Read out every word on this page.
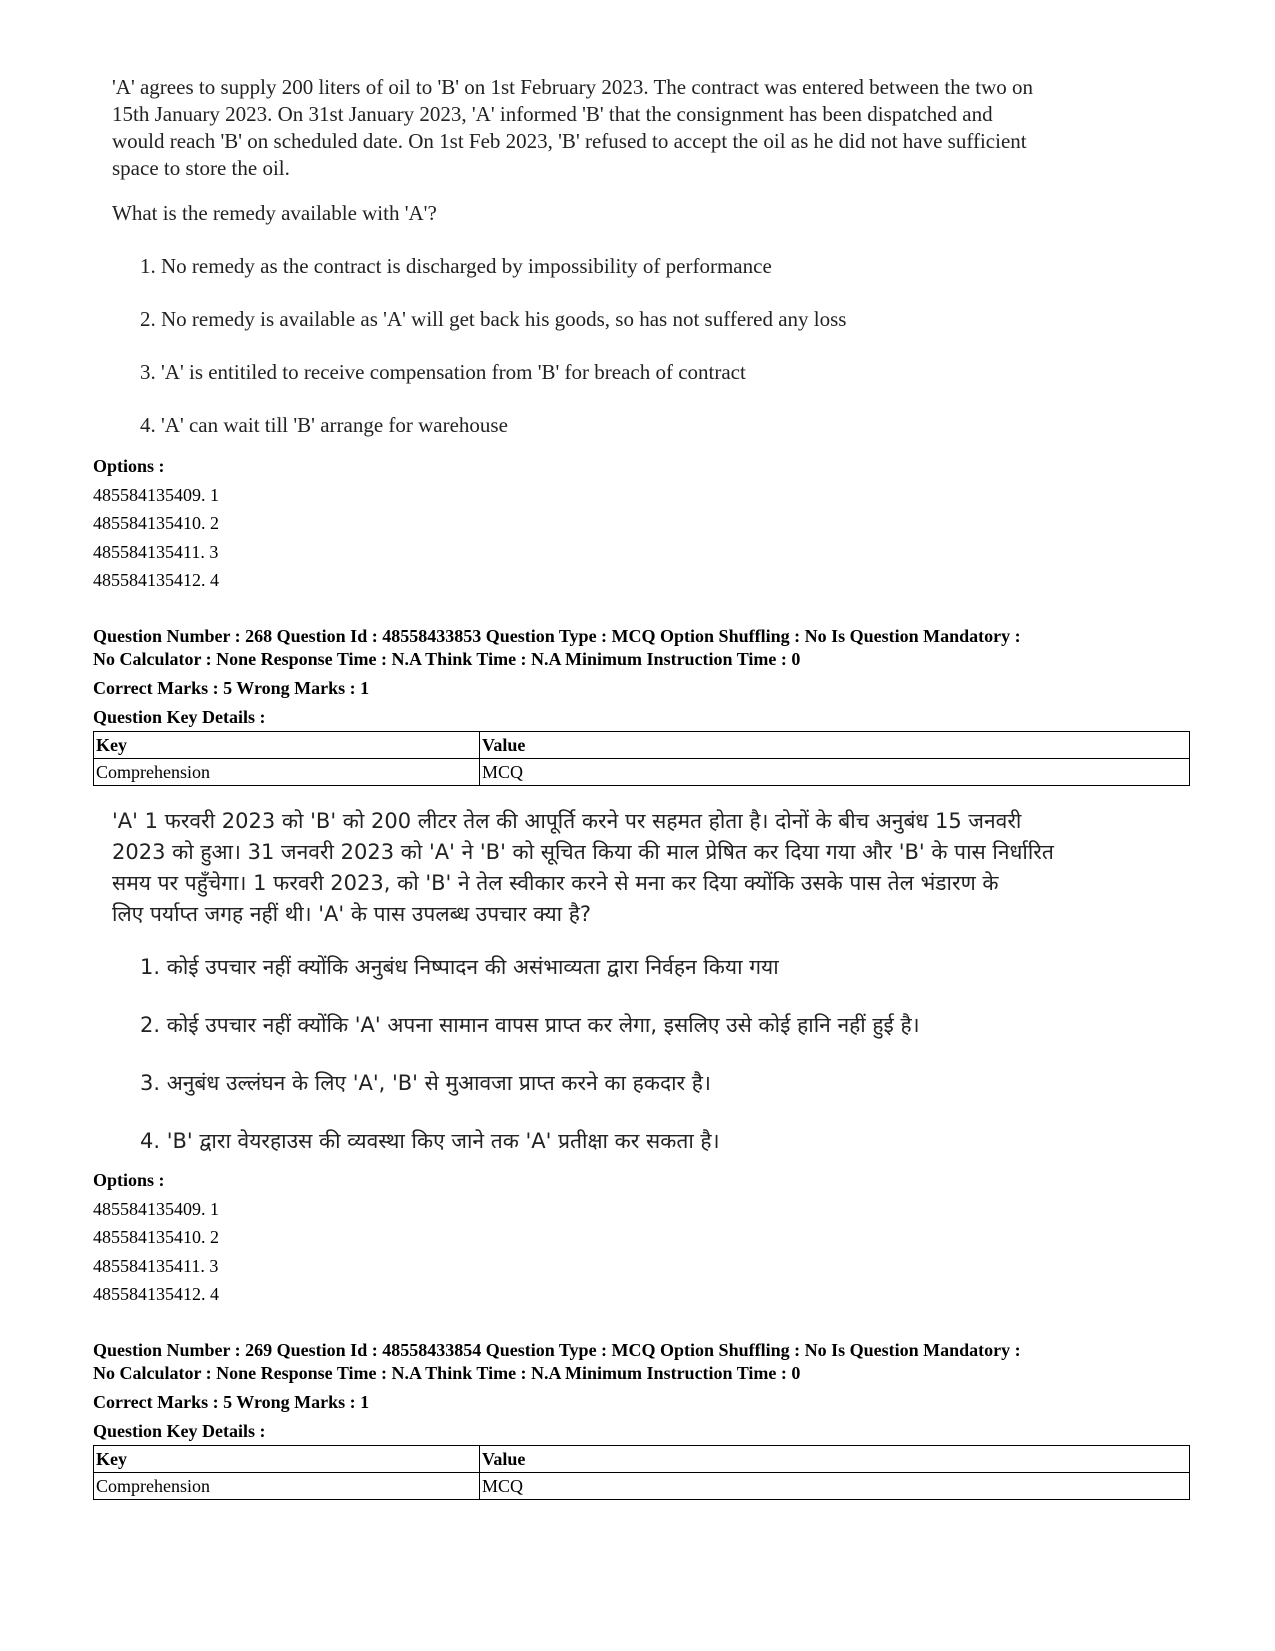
'A' agrees to supply 200 liters of oil to 'B' on 1st February 2023. The contract was entered between the two on

15th January 2023. On 31st January 2023, 'A' informed 'B' that the consignment has been dispatched and

would reach 'B' on scheduled date. On 1st Feb 2023, 'B' refused to accept the oil as he did not have sufficient

space to store the oil.

What is the remedy available with 'A'?
1. No remedy as the contract is discharged by impossibility of performance
2. No remedy is available as 'A' will get back his goods, so has not suffered any loss
3. 'A' is entitiled to receive compensation from 'B' for breach of contract
4. 'A' can wait till 'B' arrange for warehouse
Options :
485584135409. 1
485584135410. 2
485584135411. 3
485584135412. 4
Question Number : 268 Question Id : 48558433853 Question Type : MCQ Option Shuffling : No Is Question Mandatory :
No Calculator : None Response Time : N.A Think Time : N.A Minimum Instruction Time : 0
Correct Marks : 5 Wrong Marks : 1
Question Key Details :
Key	Value
Comprehension	MCQ
'A' 1 फरवरी 2023 को 'B' को 200 लीटर तेल की आपूर्ति करने पर सहमत होता है। दोनों के बीच अनुबंध 15 जनवरी
2023 को हुआ। 31 जनवरी 2023 को 'A' ने 'B' को सूचित किया की माल प्रेषित कर दिया गया और 'B' के पास निर्धारित
समय पर पहुँचेगा। 1 फरवरी 2023, को 'B' ने तेल स्वीकार करने से मना कर दिया क्योंकि उसके पास तेल भंडारण के
लिए पर्याप्त जगह नहीं थी। 'A' के पास उपलब्ध उपचार क्या है?
1. कोई उपचार नहीं क्योंकि अनुबंध निष्पादन की असंभाव्यता द्वारा निर्वहन किया गया
2. कोई उपचार नहीं क्योंकि 'A' अपना सामान वापस प्राप्त कर लेगा, इसलिए उसे कोई हानि नहीं हुई है।
3. अनुबंध उल्लंघन के लिए 'A', 'B' से मुआवजा प्राप्त करने का हकदार है।
4. 'B' द्वारा वेयरहाउस की व्यवस्था किए जाने तक 'A' प्रतीक्षा कर सकता है।
Options :
485584135409. 1
485584135410. 2
485584135411. 3
485584135412. 4
Question Number : 269 Question Id : 48558433854 Question Type : MCQ Option Shuffling : No Is Question Mandatory :
No Calculator : None Response Time : N.A Think Time : N.A Minimum Instruction Time : 0
Correct Marks : 5 Wrong Marks : 1
Question Key Details :
Key	Value
Comprehension	MCQ
